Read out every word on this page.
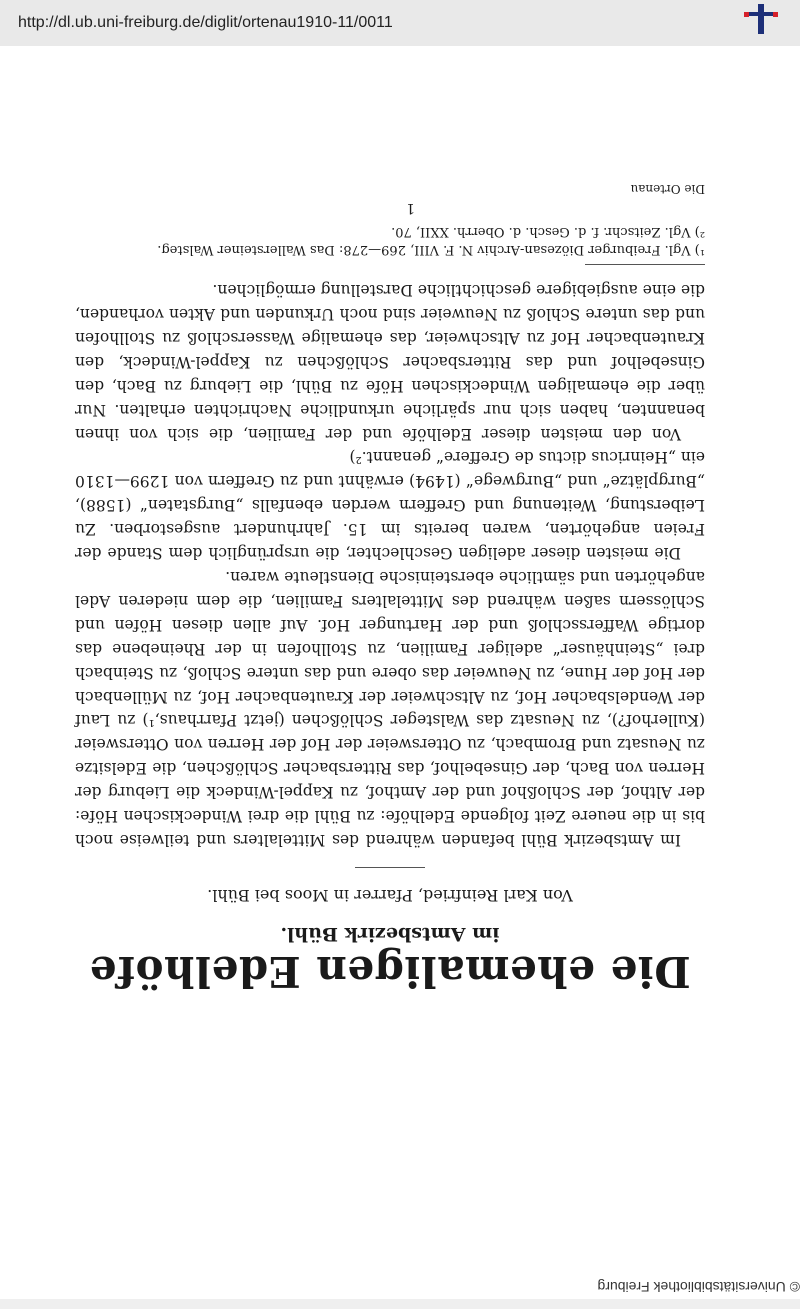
http://dl.ub.uni-freiburg.de/diglit/ortenau1910-11/0011
© Universitätsbibliothek Freiburg
Die ehemaligen Edelhöfe
im Amtsbezirk Bühl.
Von Karl Reinfried, Pfarrer in Moos bei Bühl.

Im Amtsbezirk Bühl befanden während des Mittelalters und teilweise noch bis in die neuere Zeit folgende Edelhöfe: zu Bühl die drei Windeckischen Höfe: der Althof, der Schloßhof und der Amthof, zu Kappel-Windeck die Lieburg der Herren von Bach, der Ginsebelhof, das Rittersbacher Schlößchen, die Edelsitze zu Neusatz und Brombach, zu Ottersweier der Hof der Herren von Ottersweier (Kullerhof?), zu Neusatz das Walsteger Schlößchen (jetzt Pfarrhaus,¹) zu Lauf der Wendelsbacher Hof, zu Altschweier der Krautenbacher Hof, zu Müllenbach der Hof der Hune, zu Neuweier das obere und das untere Schloß, zu Steinbach drei „Steinhäuser“ adeliger Familien, zu Stollhofen in der Rheinebene das dortige Waffersschloß und der Hartunger Hof. Auf allen diesen Höfen und Schlössern saßen während des Mittelalters Familien, die dem niederen Adel angehörten und sämtliche ebersteinische Dienstleute waren.

Die meisten dieser adeligen Geschlechter, die ursprünglich dem Stande der Freien angehörten, waren bereits im 15. Jahrhundert ausgestorben. Zu Leiberstung, Weitenung und Greffern werden ebenfalls „Burgstaten“ (1588), „Burgplätze“ und „Burgwege“ (1494) erwähnt und zu Greffern von 1299—1310 ein „Heinricus dictus de Greffere“ genannt.²)

Von den meisten dieser Edelhöfe und der Familien, die sich von ihnen benannten, haben sich nur spärliche urkundliche Nachrichten erhalten. Nur über die ehemaligen Windeckischen Höfe zu Bühl, die Lieburg zu Bach, den Ginsebelhof und das Rittersbacher Schlößchen zu Kappel-Windeck, den Krautenbacher Hof zu Altschweier, das ehemalige Wasserschloß zu Stollhofen und das untere Schloß zu Neuweier sind noch Urkunden und Akten vorhanden, die eine ausgiebigere geschichtliche Darstellung ermöglichen.

¹) Vgl. Freiburger Diözesan-Archiv N. F. VIII, 269—278: Das Wallersteiner Walsteg.
²) Vgl. Zeitschr. f. d. Gesch. d. Oberrh. XXII, 70.
1
Die Ortenau
